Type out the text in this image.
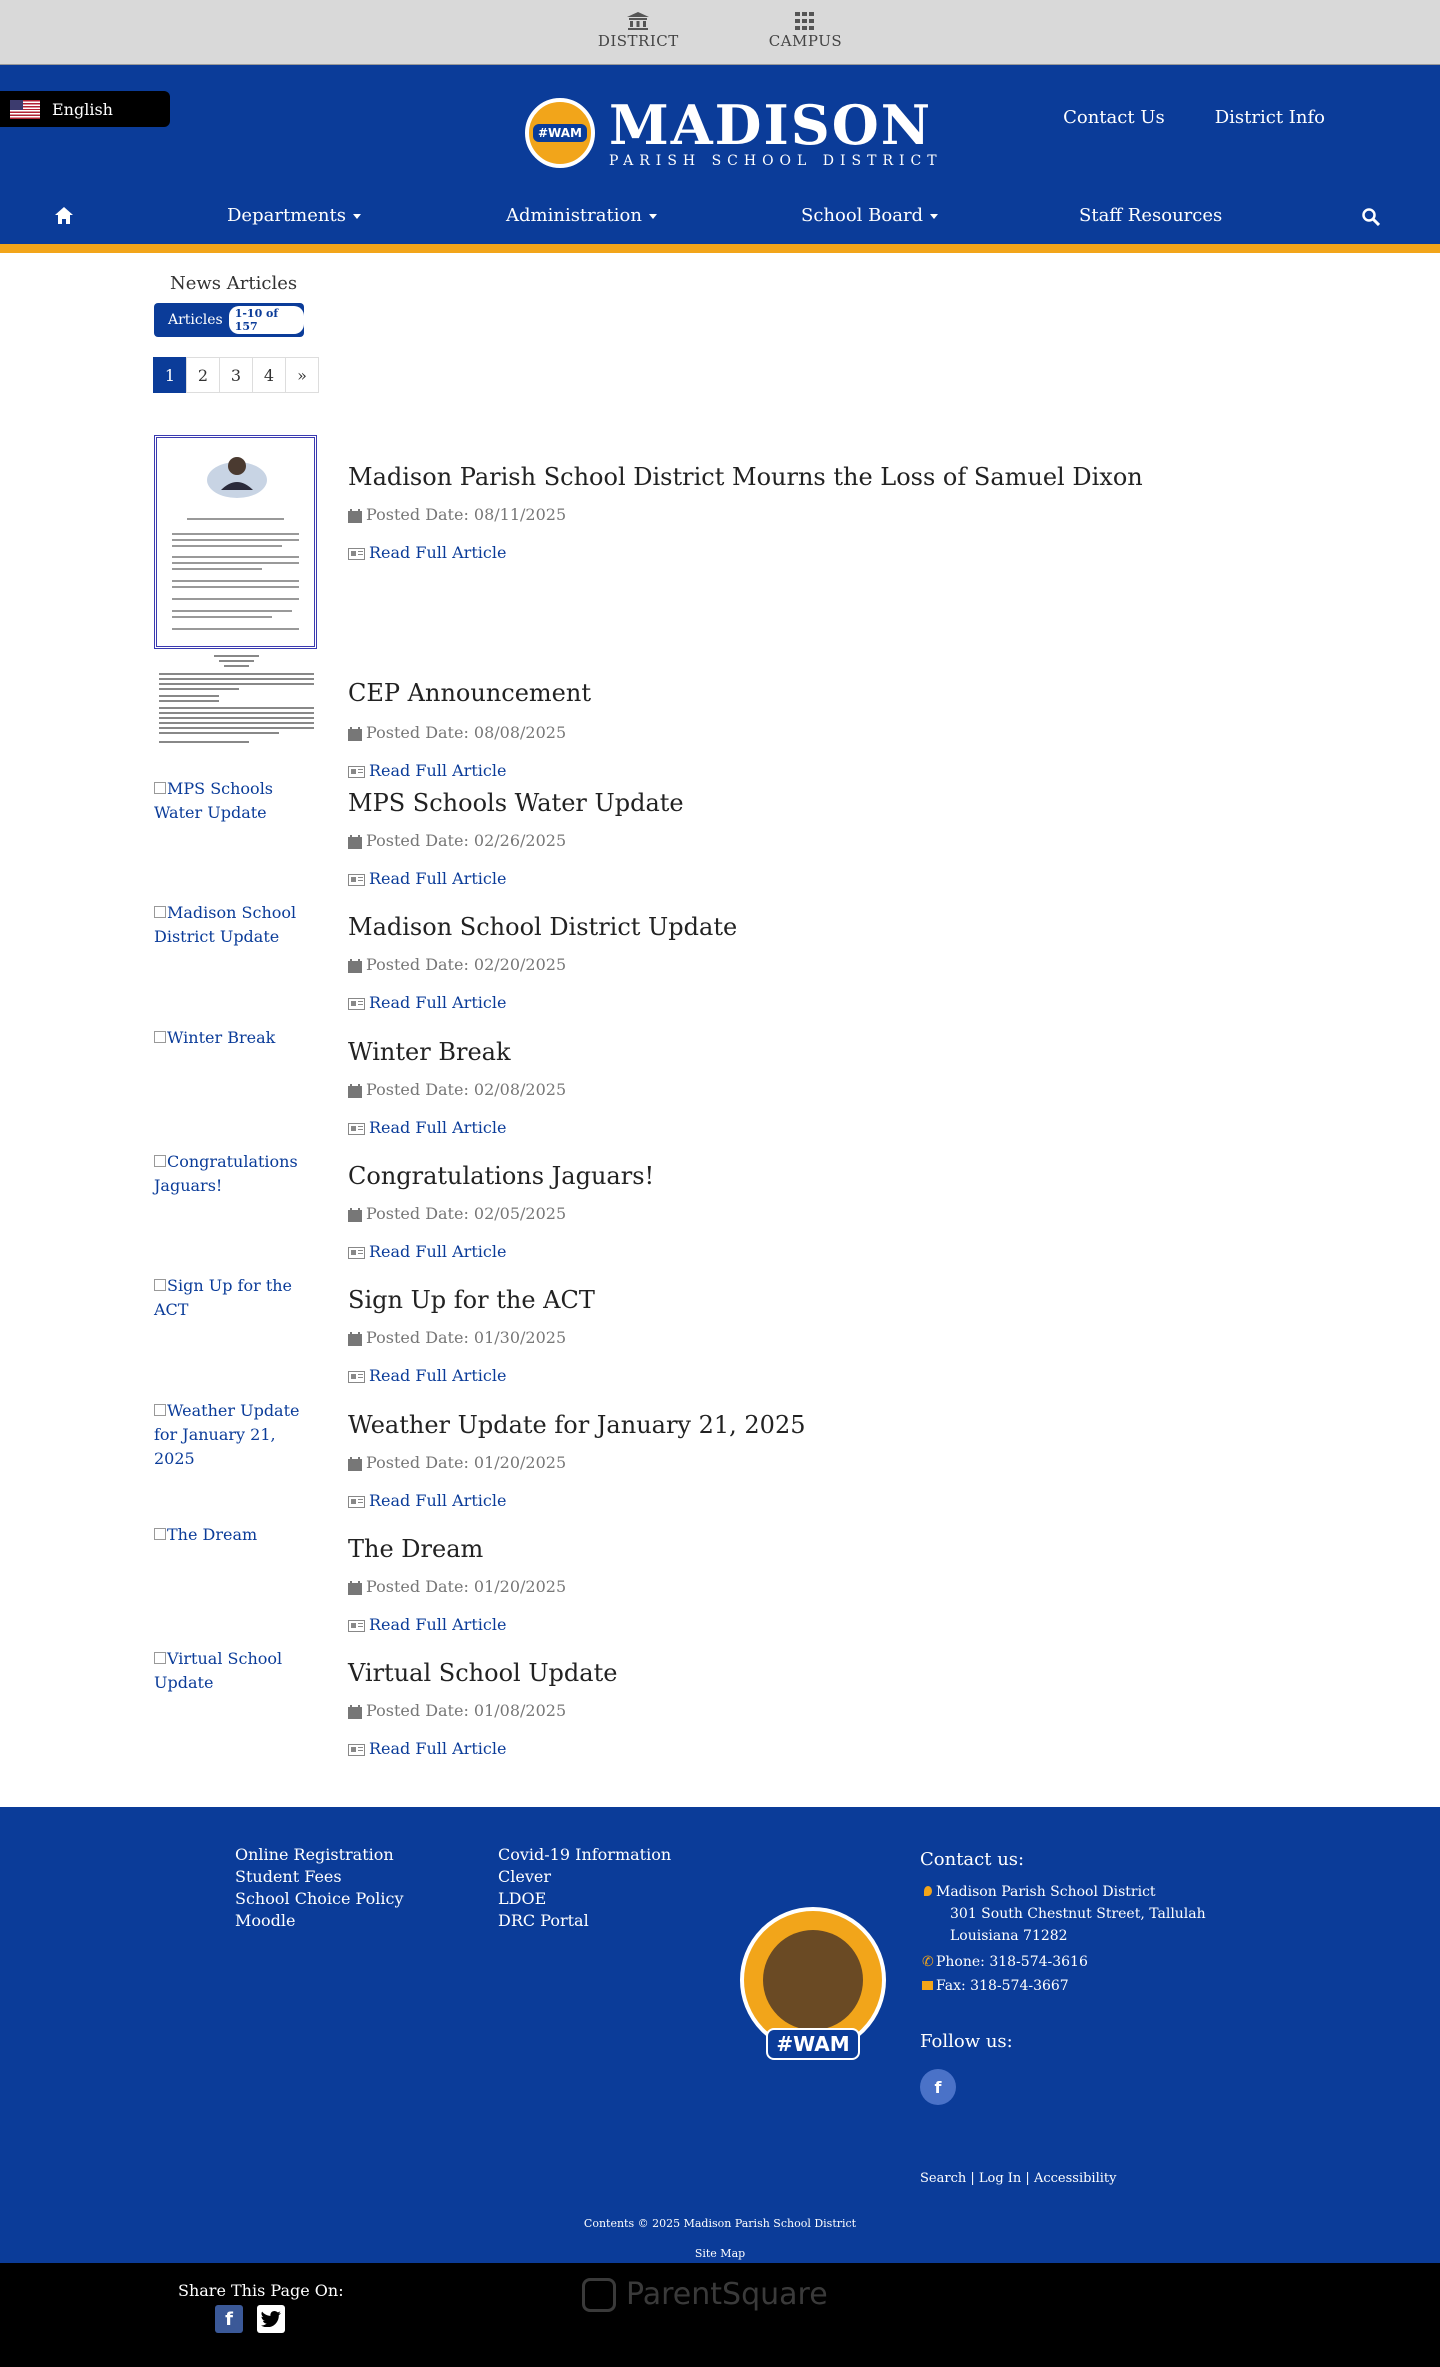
DISTRICT	CAMPUS
English
#WAM MADISON
PARISH SCHOOL DISTRICT
Contact Us	District Info
Departments	Administration	School Board	Staff Resources
News Articles
Articles	1-10 of 157
1	2	3	4	»
Madison Parish School District Mourns the Loss of Samuel Dixon
Posted Date: 08/11/2025
Read Full Article
CEP Announcement
Posted Date: 08/08/2025
Read Full Article
MPS Schools Water Update	MPS Schools Water Update
Posted Date: 02/26/2025
Read Full Article
Madison School District Update	Madison School District Update
Posted Date: 02/20/2025
Read Full Article
Winter Break
Winter Break
Posted Date: 02/08/2025
Read Full Article
Congratulations Jaguars!	Congratulations Jaguars!
Posted Date: 02/05/2025
Read Full Article
Sign Up for the ACT	Sign Up for the ACT
Posted Date: 01/30/2025
Read Full Article
Weather Update for January 21, 2025
Weather Update for January 21, 2025
Posted Date: 01/20/2025
Read Full Article
The Dream
The Dream
Posted Date: 01/20/2025
Read Full Article
Virtual School Update	Virtual School Update
Posted Date: 01/08/2025
Read Full Article
Online Registration
Student Fees
School Choice Policy
Moodle
Covid-19 Information
Clever
LDOE
DRC Portal
#WAM
Contact us:
Madison Parish School District
301 South Chestnut Street, Tallulah Louisiana 71282
✆ Phone: 318-574-3616
Fax: 318-574-3667
Follow us:
f
Search | Log In | Accessibility
Contents © 2025 Madison Parish School District
Site Map
Share This Page On:
f
ParentSquare
